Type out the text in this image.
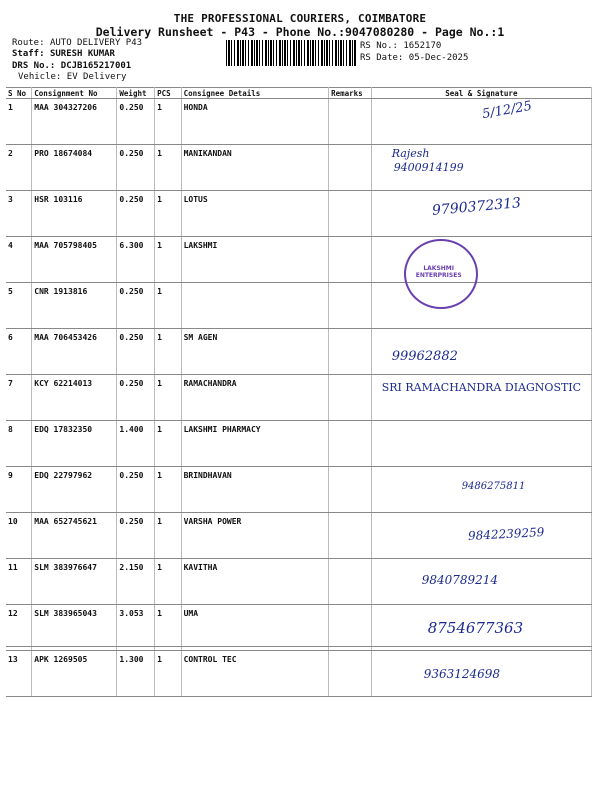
THE PROFESSIONAL COURIERS, COIMBATORE
Delivery Runsheet - P43 - Phone No.:9047080280 - Page No.:1
Route: AUTO DELIVERY P43
Staff: SURESH KUMAR
DRS No.: DCJB165217001
Vehicle: EV Delivery
RS No.: 1652170
RS Date: 05-Dec-2025
S No	Consignment No	Weight	PCS	Consignee Details	Remarks	Seal & Signature
1	MAA 304327206	0.250	1	HONDA		5/12/25

2	PRO 18674084	0.250	1	MANIKANDAN		Rajesh
9400914199

3	HSR 103116	0.250	1	LOTUS		9790372313

4	MAA 705798405	6.300	1	LAKSHMI		LAKSHMI ENTERPRISES

5	CNR 1913816	0.250	1			
6	MAA 706453426	0.250	1	SM AGEN		99962882

7	KCY 62214013	0.250	1	RAMACHANDRA		SRI RAMACHANDRA DIAGNOSTIC

8	EDQ 17832350	1.400	1	LAKSHMI PHARMACY		
9	EDQ 22797962	0.250	1	BRINDHAVAN		9486275811

10	MAA 652745621	0.250	1	VARSHA POWER		9842239259

11	SLM 383976647	2.150	1	KAVITHA		9840789214

12	SLM 383965043	3.053	1	UMA		8754677363

13	APK 1269505	1.300	1	CONTROL TEC		9363124698
